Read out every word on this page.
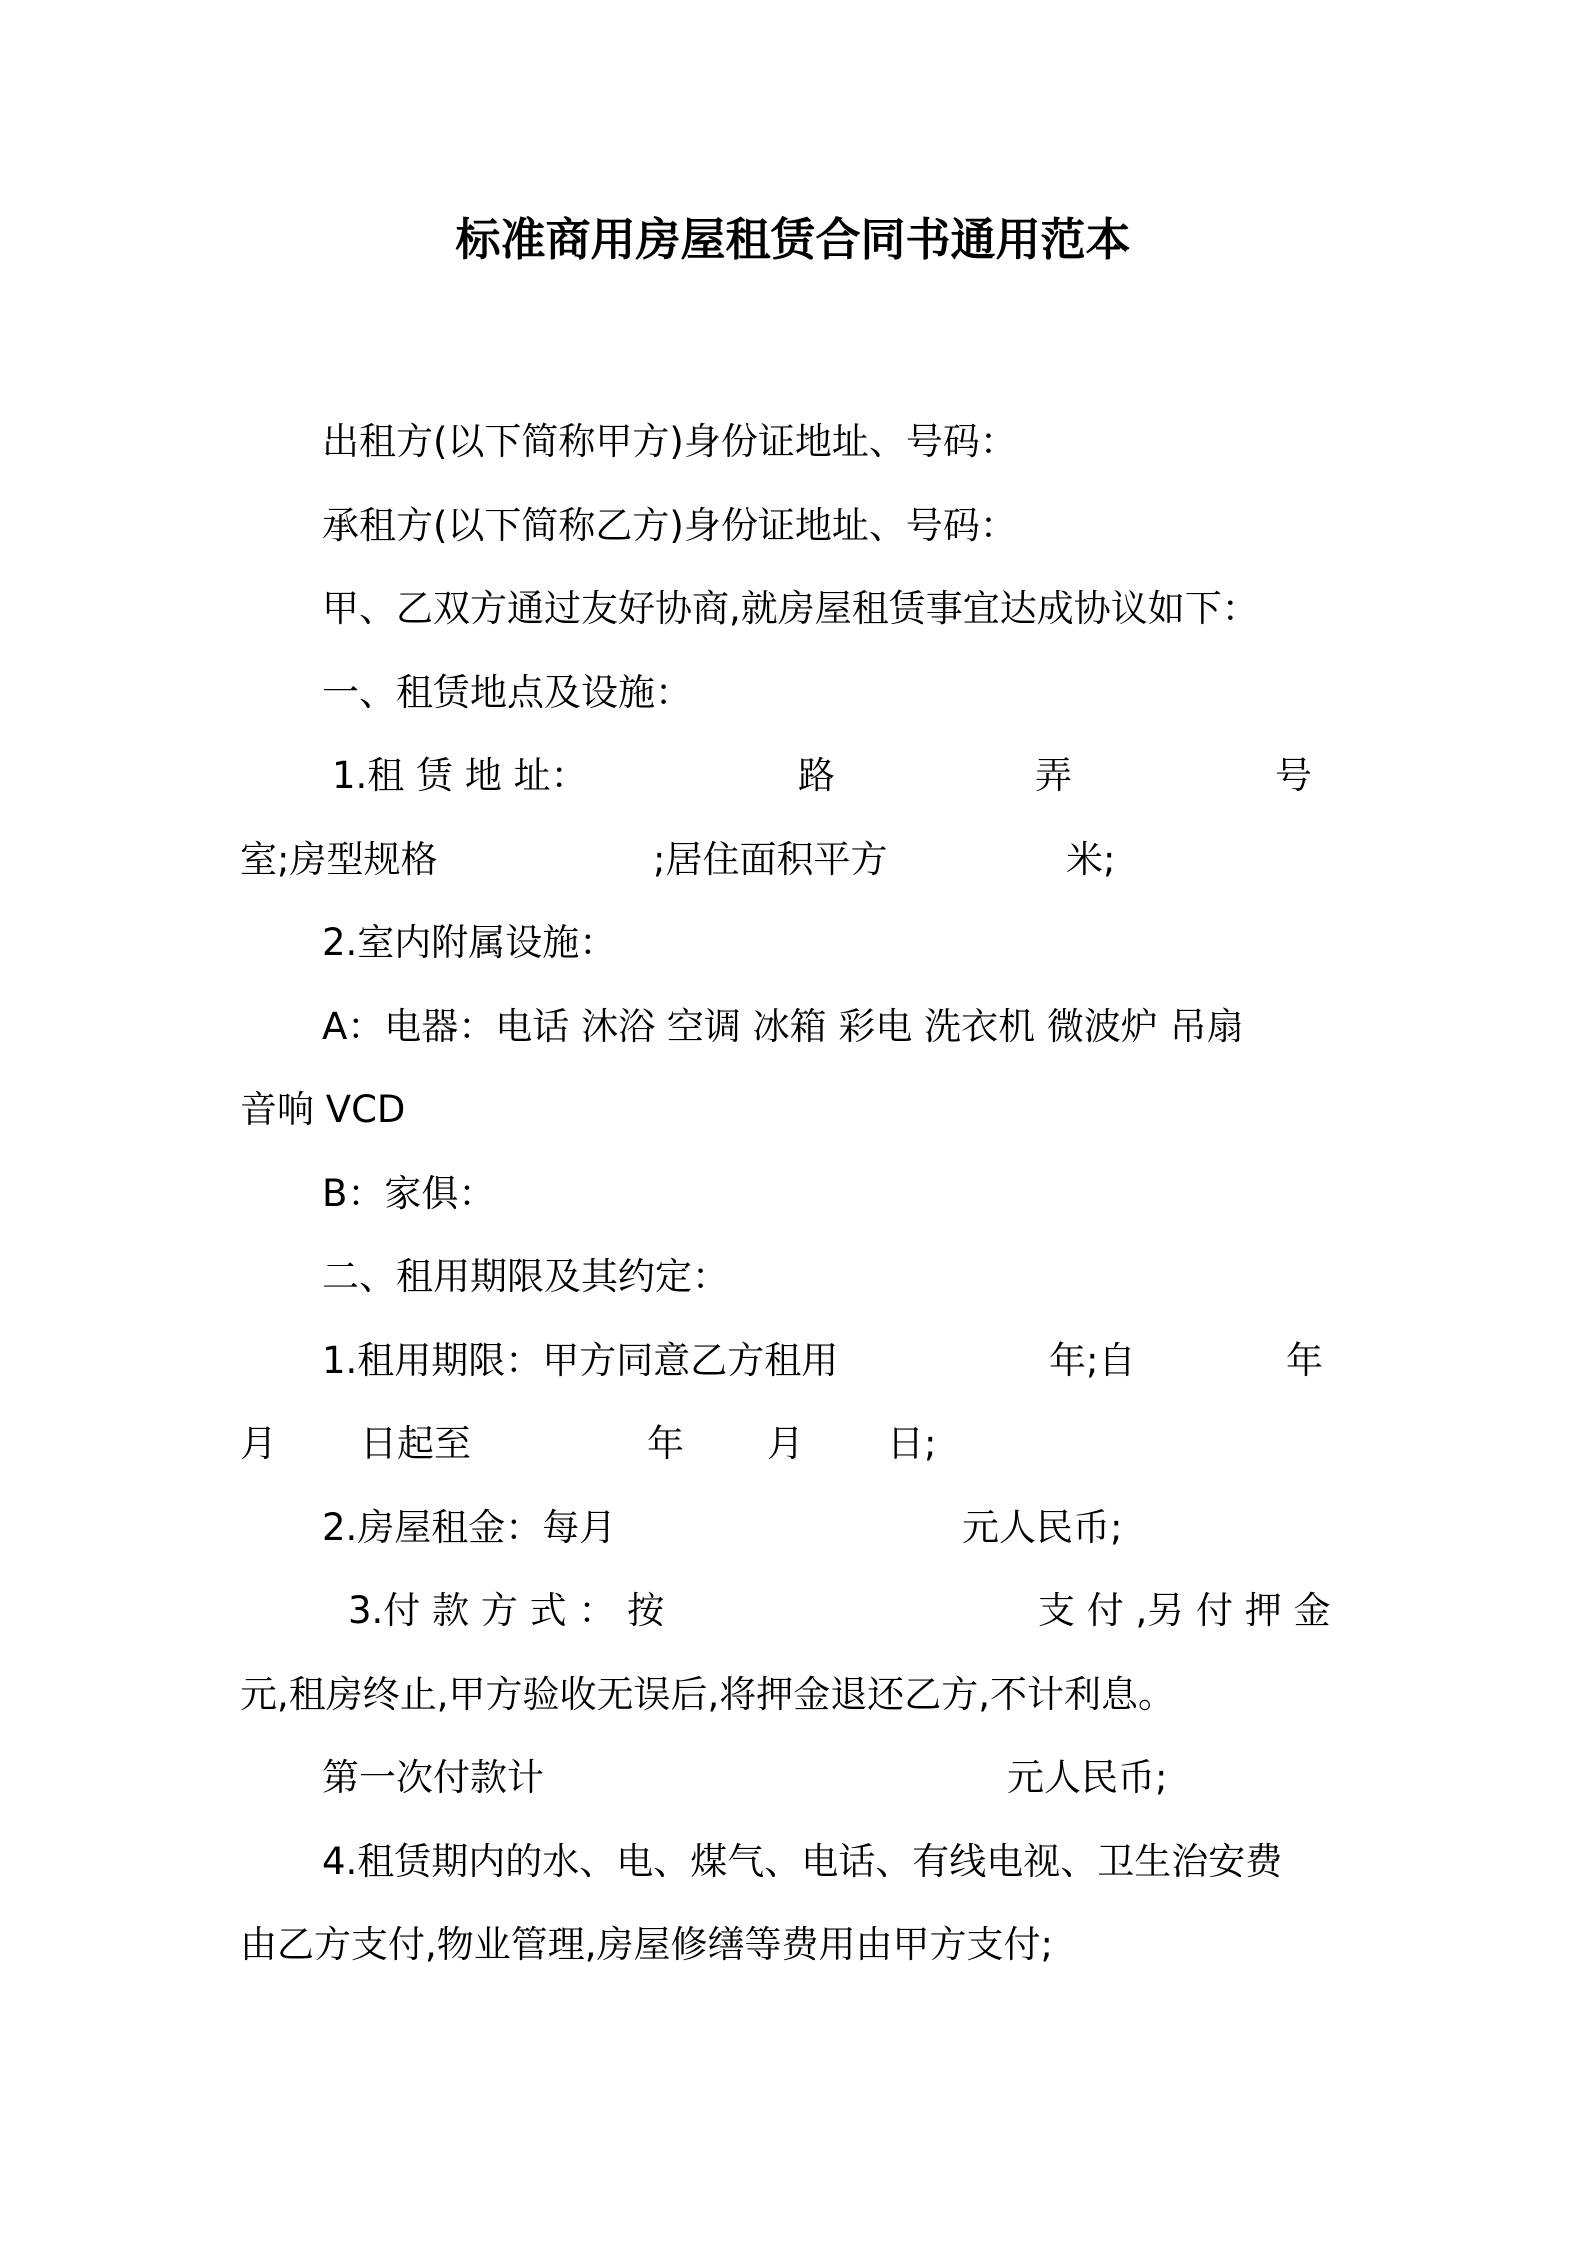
标准商用房屋租赁合同书通用范本
出租方(以下简称甲方)身份证地址、号码：
承租方(以下简称乙方)身份证地址、号码：
甲、乙双方通过友好协商,就房屋租赁事宜达成协议如下：
一、租赁地点及设施：
1.租 赁 地 址：	路	弄	号
室;房型规格	;居住面积平方	米;
2.室内附属设施：
A：电器：电话 沐浴 空调 冰箱 彩电 洗衣机 微波炉 吊扇
音响 VCD
B：家俱：
二、租用期限及其约定：
1.租用期限：甲方同意乙方租用	年;自	年
月	日起至	年	月	日;
2.房屋租金：每月	元人民币;
3.付 款 方 式 ： 按	支 付 ,另 付 押 金
元,租房终止,甲方验收无误后,将押金退还乙方,不计利息。
第一次付款计	元人民币;
4.租赁期内的水、电、煤气、电话、有线电视、卫生治安费
由乙方支付,物业管理,房屋修缮等费用由甲方支付;
